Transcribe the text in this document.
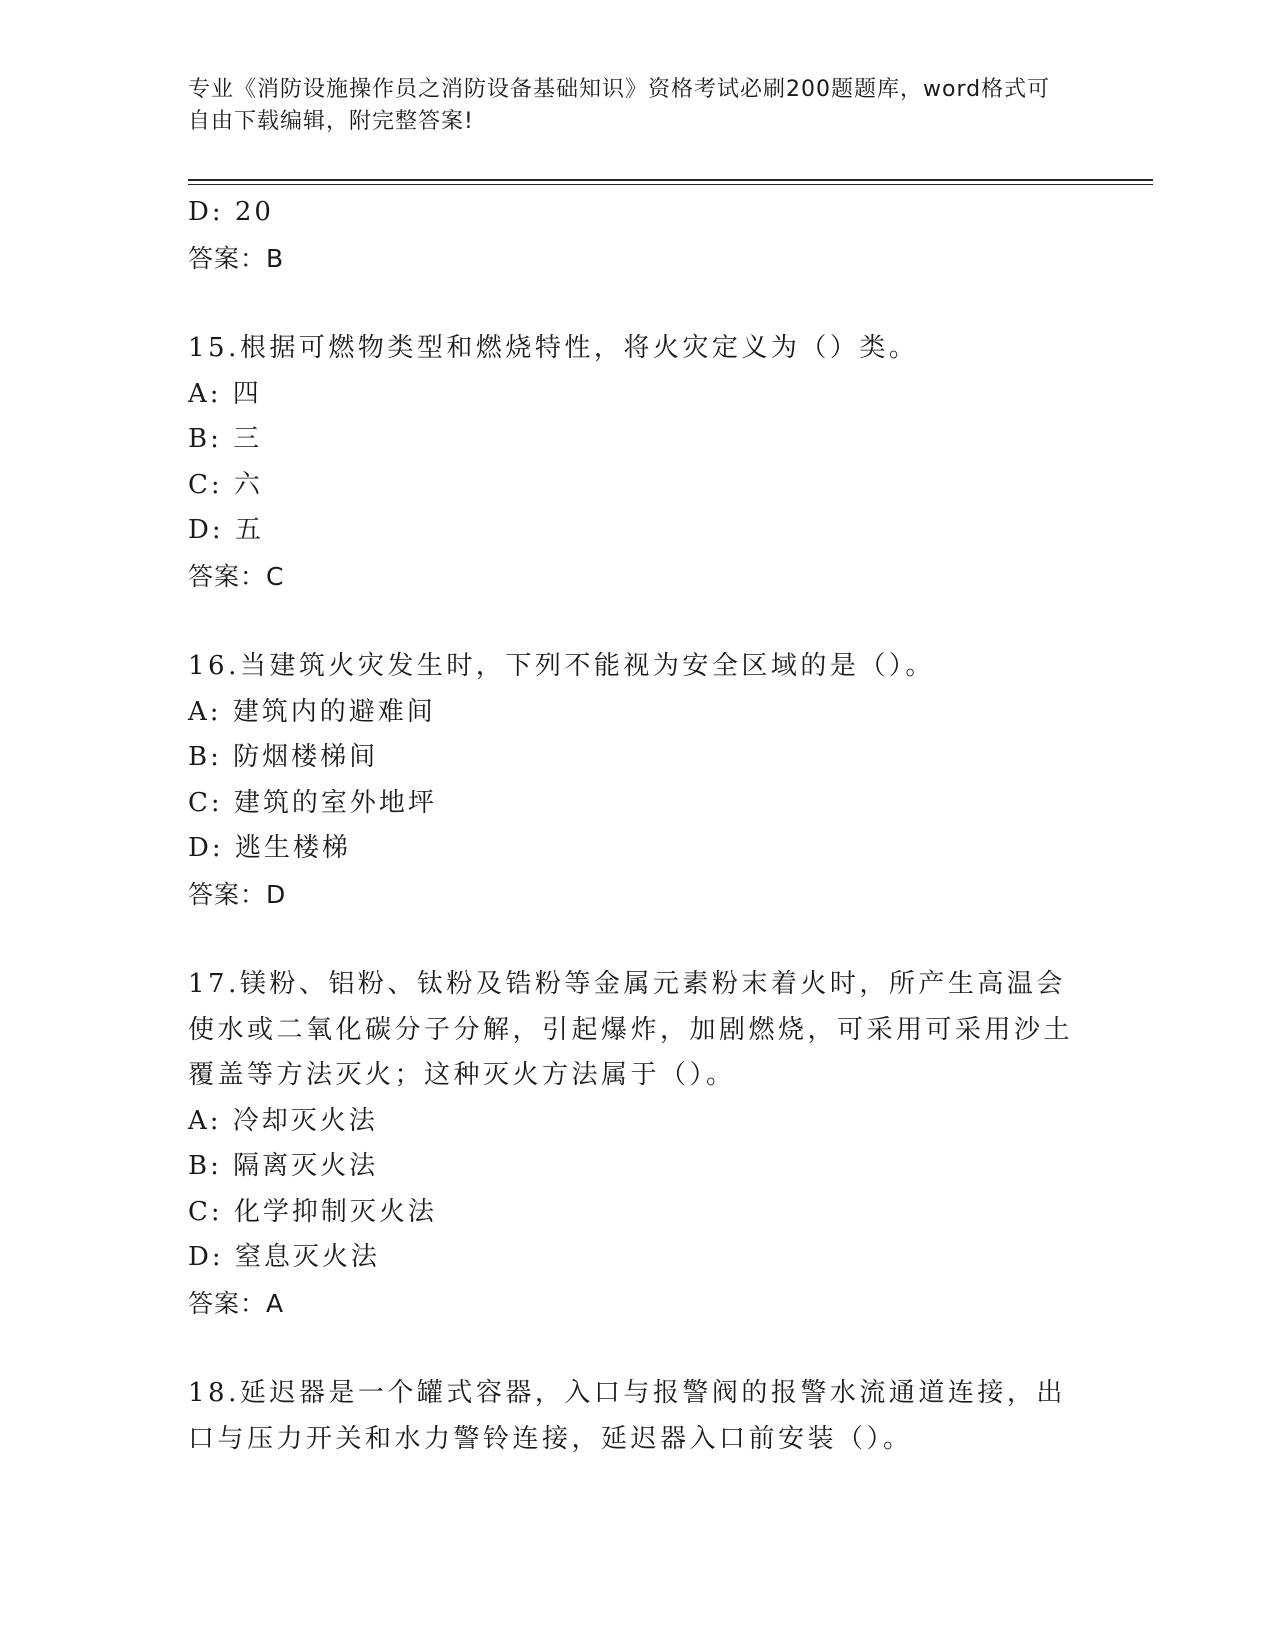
专业《消防设施操作员之消防设备基础知识》资格考试必刷200题题库，word格式可自由下载编辑，附完整答案!
D: 20
答案：B
15.根据可燃物类型和燃烧特性，将火灾定义为（）类。
A: 四
B: 三
C: 六
D: 五
答案：C
16.当建筑火灾发生时，下列不能视为安全区域的是（）。
A: 建筑内的避难间
B: 防烟楼梯间
C: 建筑的室外地坪
D: 逃生楼梯
答案：D
17.镁粉、铝粉、钛粉及锆粉等金属元素粉末着火时，所产生高温会使水或二氧化碳分子分解，引起爆炸，加剧燃烧，可采用可采用沙土覆盖等方法灭火；这种灭火方法属于（）。
A: 冷却灭火法
B: 隔离灭火法
C: 化学抑制灭火法
D: 窒息灭火法
答案：A
18.延迟器是一个罐式容器，入口与报警阀的报警水流通道连接，出口与压力开关和水力警铃连接，延迟器入口前安装（）。
